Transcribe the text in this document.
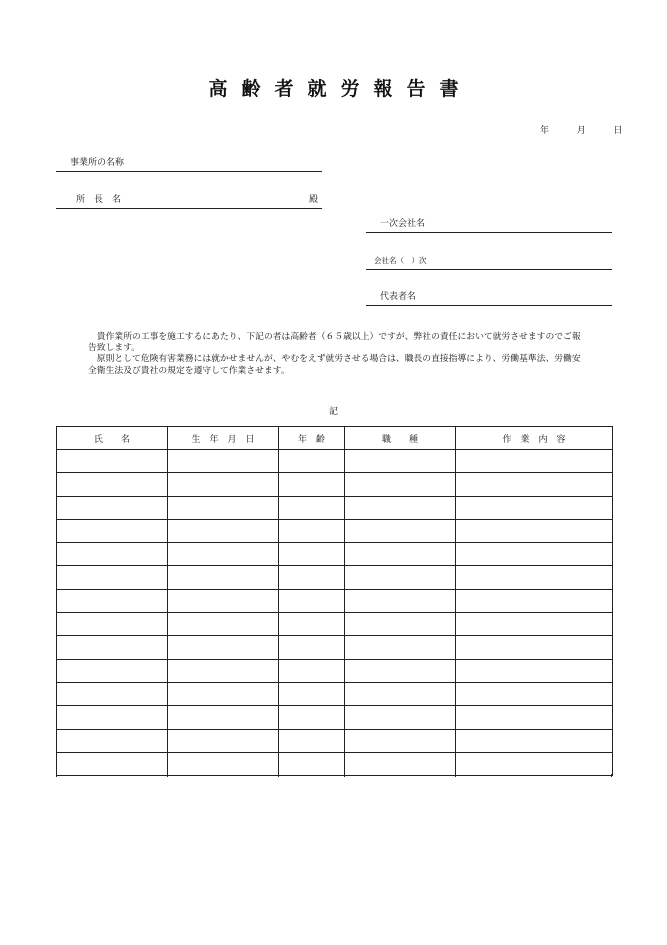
高齢者就労報告書
年	月	日
事業所の名称
所　長　名	殿
一次会社名
会社名（　）次
代表者名

貴作業所の工事を施工するにあたり、下記の者は高齢者（６５歳以上）ですが、弊社の責任において就労させますのでご報告致します。

原則として危険有害業務には就かせませんが、やむをえず就労させる場合は、職長の直接指導により、労働基準法、労働安全衛生法及び貴社の規定を遵守して作業させます。

記
氏　　名	生　年　月　日	年　齢	職　　種	作　業　内　容
